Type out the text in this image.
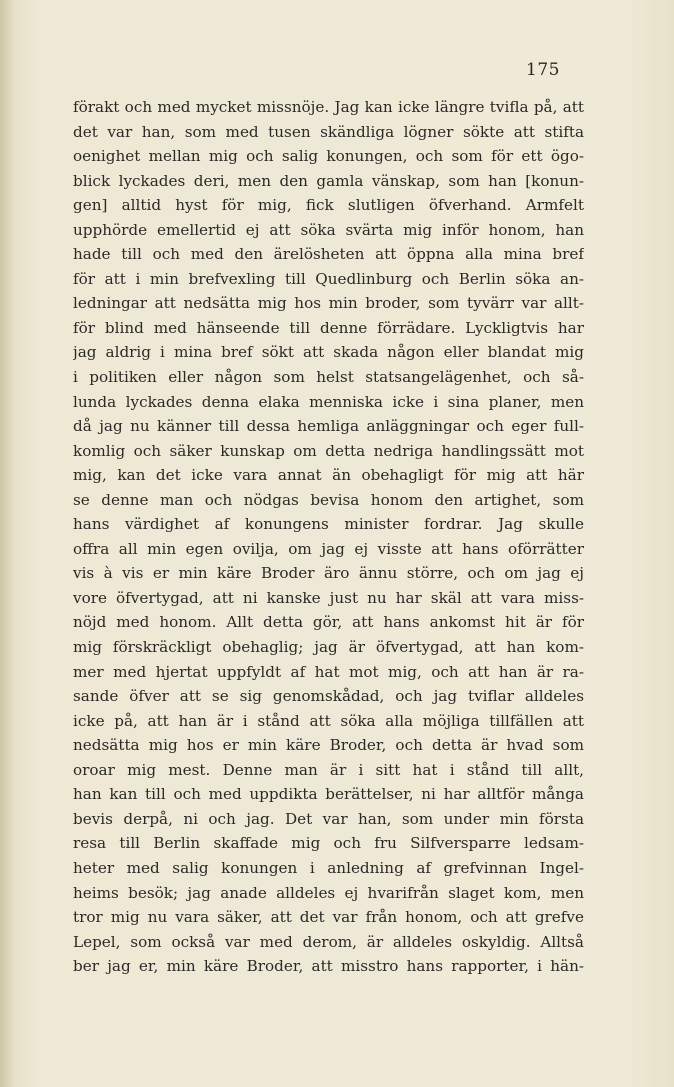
175
förakt och med mycket missnöje. Jag kan icke längre tvifla på, att
det var han, som med tusen skändliga lögner sökte att stifta
oenighet mellan mig och salig konungen, och som för ett ögo-
blick lyckades deri, men den gamla vänskap, som han [konun-
gen] alltid hyst för mig, fick slutligen öfverhand. Armfelt
upphörde emellertid ej att söka svärta mig inför honom, han
hade till och med den ärelösheten att öppna alla mina bref
för att i min brefvexling till Quedlinburg och Berlin söka an-
ledningar att nedsätta mig hos min broder, som tyvärr var allt-
för blind med hänseende till denne förrädare. Lyckligtvis har
jag aldrig i mina bref sökt att skada någon eller blandat mig
i politiken eller någon som helst statsangelägenhet, och så-
lunda lyckades denna elaka menniska icke i sina planer, men
då jag nu känner till dessa hemliga anläggningar och eger full-
komlig och säker kunskap om detta nedriga handlingssätt mot
mig, kan det icke vara annat än obehagligt för mig att här
se denne man och nödgas bevisa honom den artighet, som
hans värdighet af konungens minister fordrar. Jag skulle
offra all min egen ovilja, om jag ej visste att hans oförrätter
vis à vis er min käre Broder äro ännu större, och om jag ej
vore öfvertygad, att ni kanske just nu har skäl att vara miss-
nöjd med honom. Allt detta gör, att hans ankomst hit är för
mig förskräckligt obehaglig; jag är öfvertygad, att han kom-
mer med hjertat uppfyldt af hat mot mig, och att han är ra-
sande öfver att se sig genomskådad, och jag tviflar alldeles
icke på, att han är i stånd att söka alla möjliga tillfällen att
nedsätta mig hos er min käre Broder, och detta är hvad som
oroar mig mest. Denne man är i sitt hat i stånd till allt,
han kan till och med uppdikta berättelser, ni har alltför många
bevis derpå, ni och jag. Det var han, som under min första
resa till Berlin skaffade mig och fru Silfversparre ledsam-
heter med salig konungen i anledning af grefvinnan Ingel-
heims besök; jag anade alldeles ej hvarifrån slaget kom, men
tror mig nu vara säker, att det var från honom, och att grefve
Lepel, som också var med derom, är alldeles oskyldig. Alltså
ber jag er, min käre Broder, att misstro hans rapporter, i hän-
